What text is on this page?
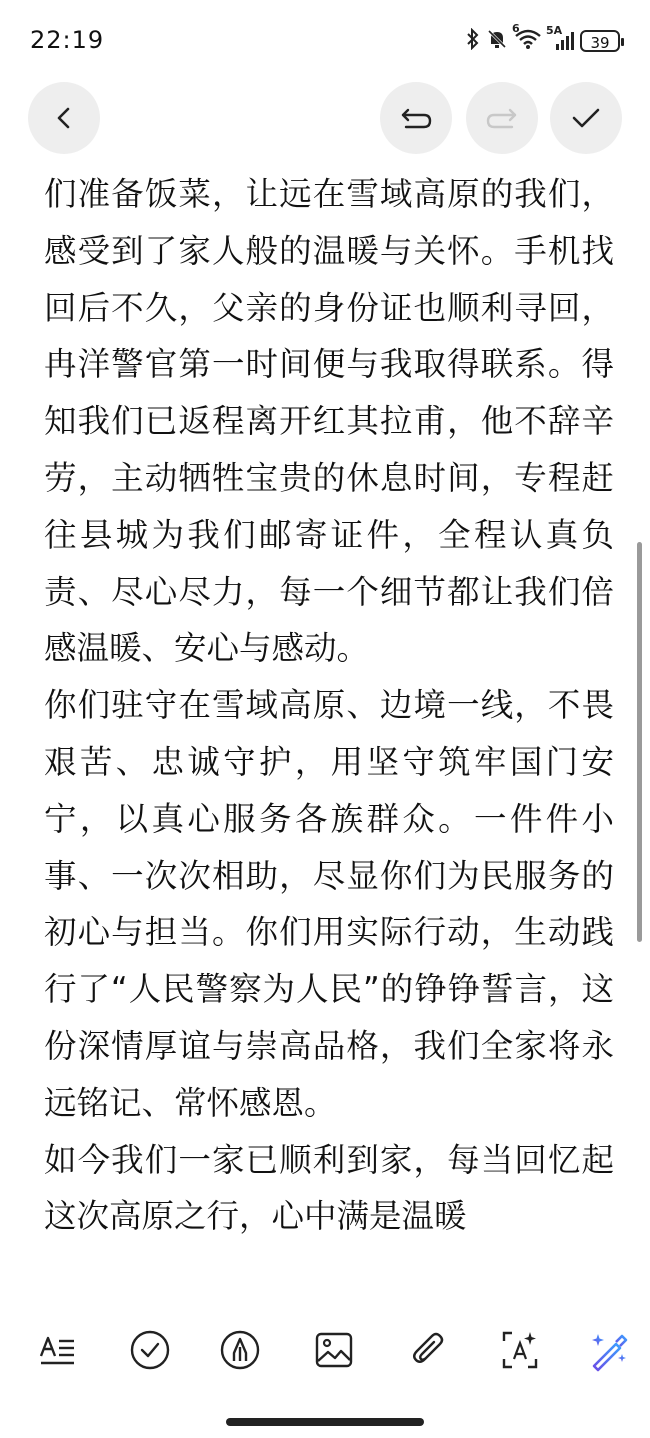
22:19	6 5A
39

们准备饭菜，让远在雪域高原的我们，感受到了家人般的温暖与关怀。手机找回后不久，父亲的身份证也顺利寻回，冉洋警官第一时间便与我取得联系。得知我们已返程离开红其拉甫，他不辞辛劳，主动牺牲宝贵的休息时间，专程赶往县城为我们邮寄证件，全程认真负责、尽心尽力，每一个细节都让我们倍感温暖、安心与感动。

你们驻守在雪域高原、边境一线，不畏艰苦、忠诚守护，用坚守筑牢国门安宁，以真心服务各族群众。一件件小事、一次次相助，尽显你们为民服务的初心与担当。你们用实际行动，生动践行了“人民警察为人民”的铮铮誓言，这份深情厚谊与崇高品格，我们全家将永远铭记、常怀感恩。

如今我们一家已顺利到家，每当回忆起这次高原之行，心中满是温暖
